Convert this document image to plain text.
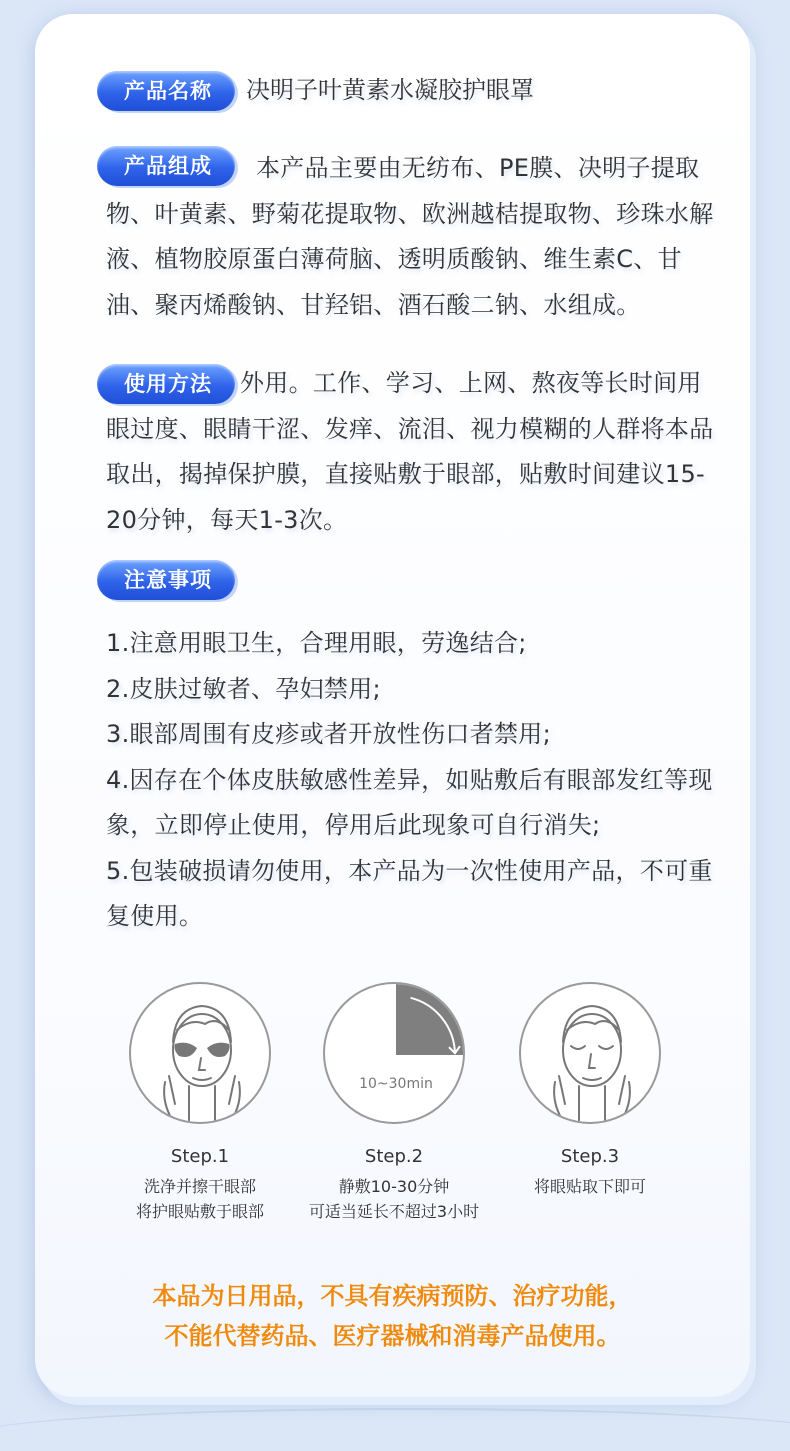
产品名称	决明子叶黄素水凝胶护眼罩
产品组成	本产品主要由无纺布、PE膜、决明子提取物、叶黄素、野菊花提取物、欧洲越桔提取物、珍珠水解液、植物胶原蛋白薄荷脑、透明质酸钠、维生素C、甘油、聚丙烯酸钠、甘羟铝、酒石酸二钠、水组成。
使用方法	外用。工作、学习、上网、熬夜等长时间用眼过度、眼睛干涩、发痒、流泪、视力模糊的人群将本品取出，揭掉保护膜，直接贴敷于眼部，贴敷时间建议15-20分钟，每天1-3次。
注意事项
1.注意用眼卫生，合理用眼，劳逸结合;
2.皮肤过敏者、孕妇禁用;
3.眼部周围有皮疹或者开放性伤口者禁用;
4.因存在个体皮肤敏感性差异，如贴敷后有眼部发红等现象，立即停止使用，停用后此现象可自行消失;
5.包装破损请勿使用，本产品为一次性使用产品，不可重复使用。
Step.1
洗净并擦干眼部
将护眼贴敷于眼部
10~30min
Step.2
静敷10-30分钟
可适当延长不超过3小时
Step.3
将眼贴取下即可
本品为日用品，不具有疾病预防、治疗功能，
不能代替药品、医疗器械和消毒产品使用。
